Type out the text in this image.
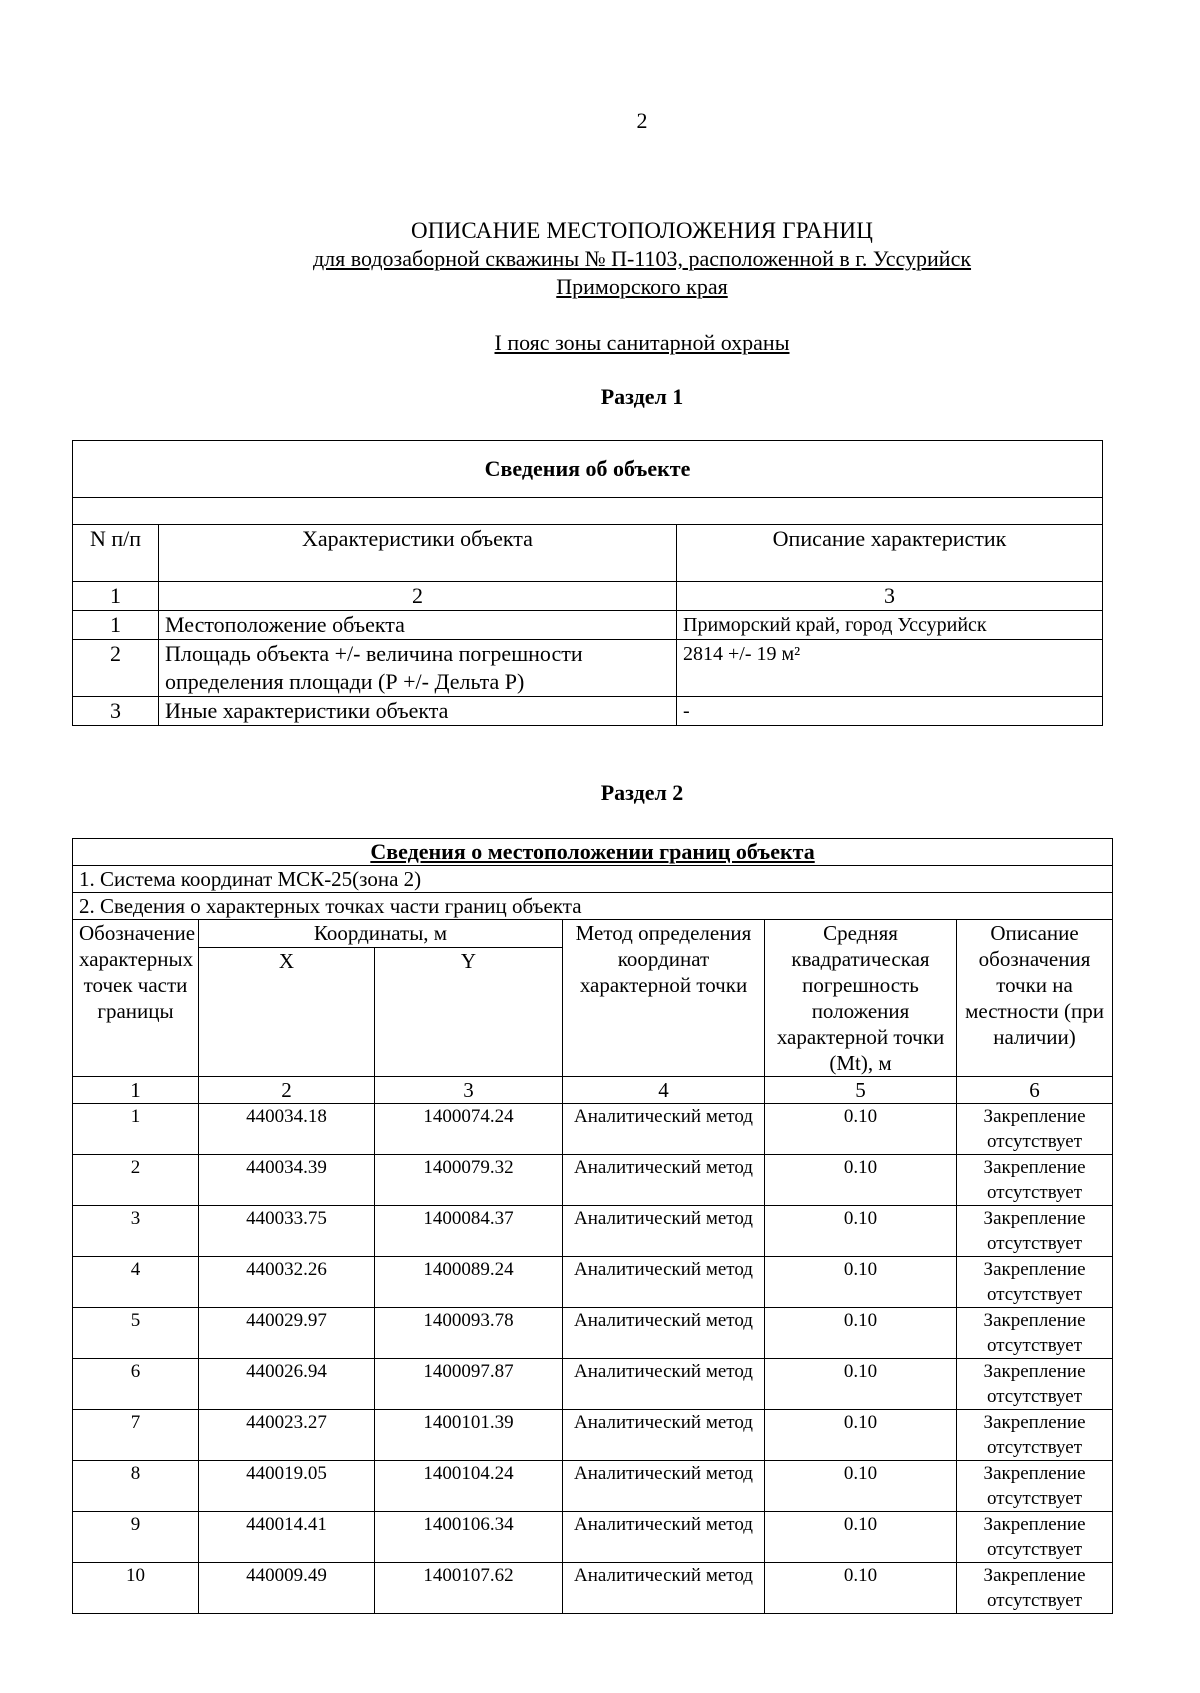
2
ОПИСАНИЕ МЕСТОПОЛОЖЕНИЯ ГРАНИЦ
для водозаборной скважины № П-1103, расположенной в г. Уссурийск
Приморского края
I пояс зоны санитарной охраны
Раздел 1
Сведения об объекте		

N п/п	Характеристики объекта	Описание характеристик
1	2	3
1	Местоположение объекта	Приморский край, город Уссурийск
2	Площадь объекта +/- величина погрешности определения площади (Р +/- Дельта Р)	2814 +/- 19 м²
3	Иные характеристики объекта	-
Раздел 2
Сведения о местоположении границ объекта					
1. Система координат МСК-25(зона 2)					
2. Сведения о характерных точках части границ объекта					
Обозначение характерных точек части границы	Координаты, м		Метод определения координат характерной точки	Средняя квадратическая погрешность положения характерной точки (Mt), м	Описание обозначения точки на местности (при наличии)
	X	Y			
1	2	3	4	5	6
1	440034.18	1400074.24	Аналитический метод	0.10	Закрепление отсутствует
2	440034.39	1400079.32	Аналитический метод	0.10	Закрепление отсутствует
3	440033.75	1400084.37	Аналитический метод	0.10	Закрепление отсутствует
4	440032.26	1400089.24	Аналитический метод	0.10	Закрепление отсутствует
5	440029.97	1400093.78	Аналитический метод	0.10	Закрепление отсутствует
6	440026.94	1400097.87	Аналитический метод	0.10	Закрепление отсутствует
7	440023.27	1400101.39	Аналитический метод	0.10	Закрепление отсутствует
8	440019.05	1400104.24	Аналитический метод	0.10	Закрепление отсутствует
9	440014.41	1400106.34	Аналитический метод	0.10	Закрепление отсутствует
10	440009.49	1400107.62	Аналитический метод	0.10	Закрепление отсутствует
